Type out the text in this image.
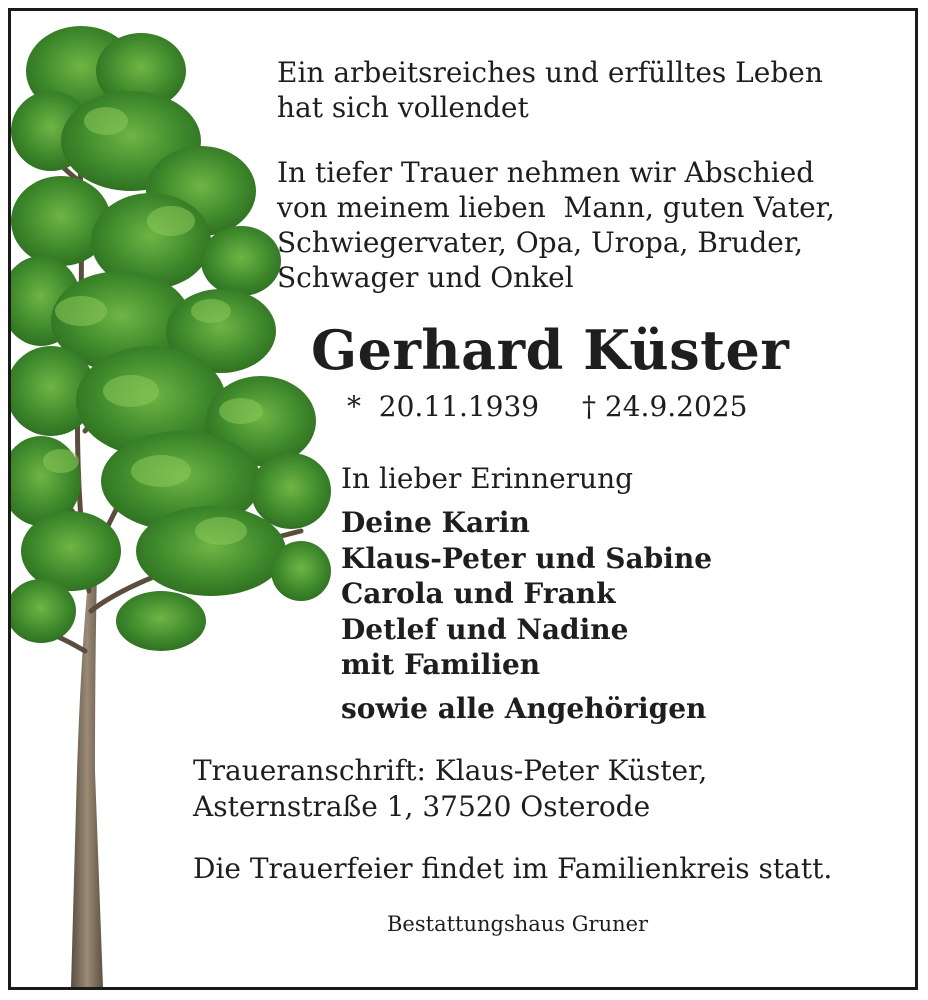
Ein arbeitsreiches und erfülltes Leben
hat sich vollendet
In tiefer Trauer nehmen wir Abschied
von meinem lieben  Mann, guten Vater,
Schwiegervater, Opa, Uropa, Bruder,
Schwager und Onkel
Gerhard Küster
*  20.11.1939 † 24.9.2025
In lieber Erinnerung
Deine Karin
Klaus-Peter und Sabine
Carola und Frank
Detlef und Nadine
mit Familien
sowie alle Angehörigen
Traueranschrift: Klaus-Peter Küster,
Asternstraße 1, 37520 Osterode
Die Trauerfeier findet im Familienkreis statt.
Bestattungshaus Gruner
